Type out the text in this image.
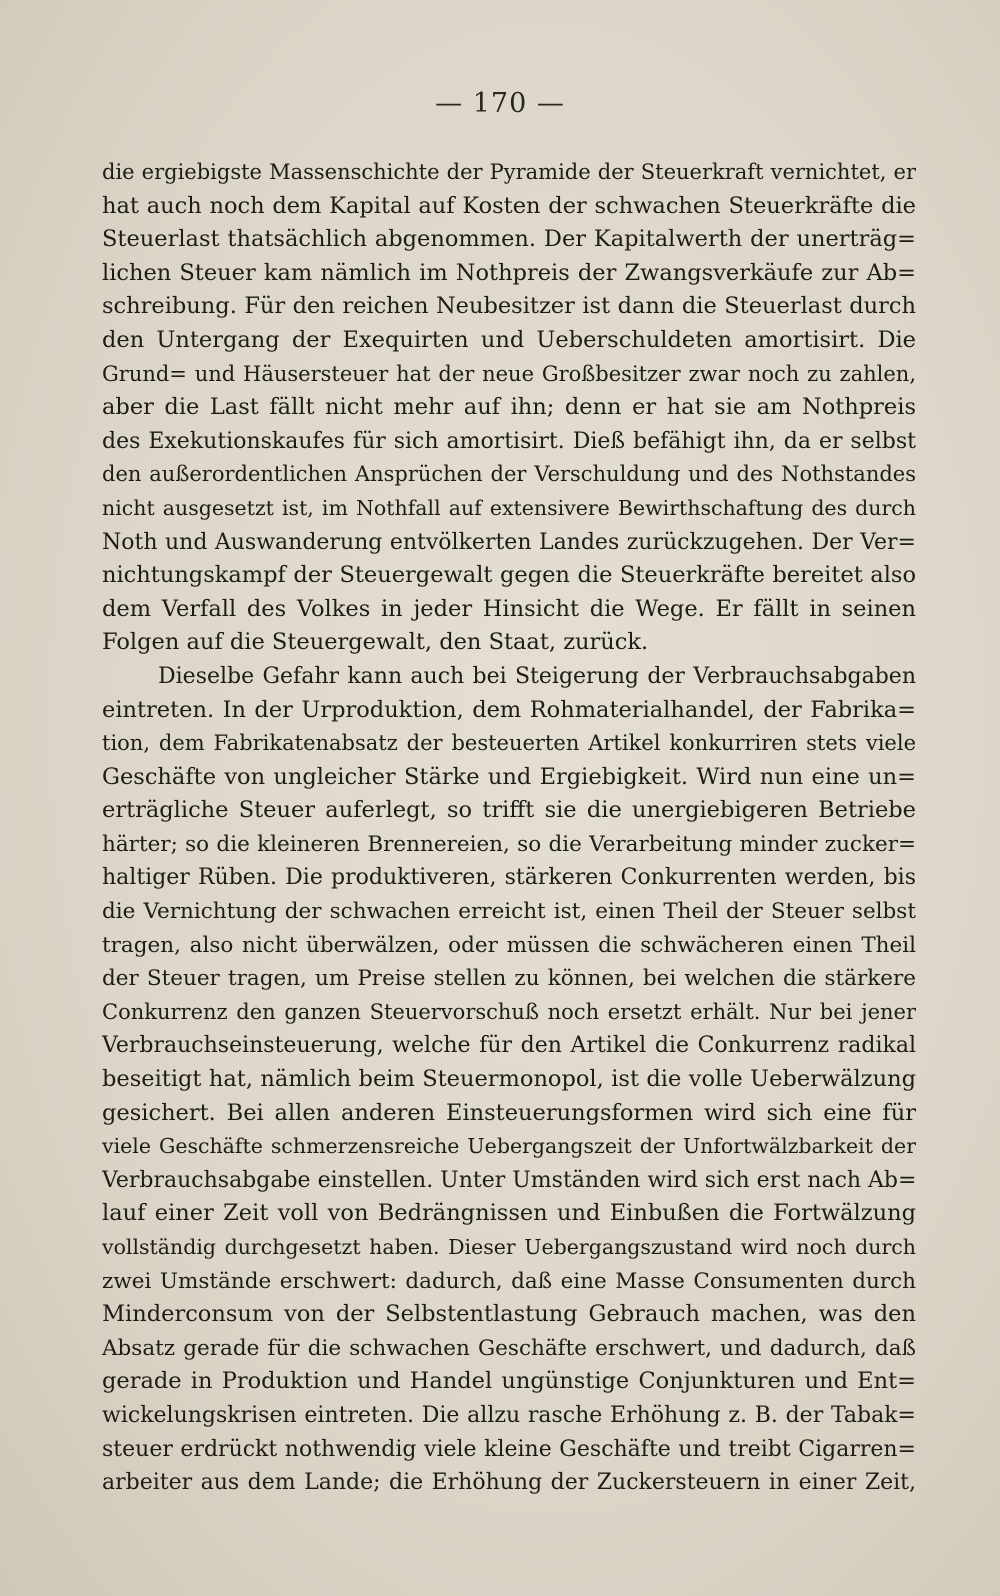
— 170 —
die ergiebigste Massenschichte der Pyramide der Steuerkraft vernichtet, er
hat auch noch dem Kapital auf Kosten der schwachen Steuerkräfte die
Steuerlast thatsächlich abgenommen. Der Kapitalwerth der unerträg=
lichen Steuer kam nämlich im Nothpreis der Zwangsverkäufe zur Ab=
schreibung. Für den reichen Neubesitzer ist dann die Steuerlast durch
den Untergang der Exequirten und Ueberschuldeten amortisirt. Die
Grund= und Häusersteuer hat der neue Großbesitzer zwar noch zu zahlen,
aber die Last fällt nicht mehr auf ihn; denn er hat sie am Nothpreis
des Exekutionskaufes für sich amortisirt. Dieß befähigt ihn, da er selbst
den außerordentlichen Ansprüchen der Verschuldung und des Nothstandes
nicht ausgesetzt ist, im Nothfall auf extensivere Bewirthschaftung des durch
Noth und Auswanderung entvölkerten Landes zurückzugehen. Der Ver=
nichtungskampf der Steuergewalt gegen die Steuerkräfte bereitet also
dem Verfall des Volkes in jeder Hinsicht die Wege. Er fällt in seinen
Folgen auf die Steuergewalt, den Staat, zurück.
Dieselbe Gefahr kann auch bei Steigerung der Verbrauchsabgaben
eintreten. In der Urproduktion, dem Rohmaterialhandel, der Fabrika=
tion, dem Fabrikatenabsatz der besteuerten Artikel konkurriren stets viele
Geschäfte von ungleicher Stärke und Ergiebigkeit. Wird nun eine un=
erträgliche Steuer auferlegt, so trifft sie die unergiebigeren Betriebe
härter; so die kleineren Brennereien, so die Verarbeitung minder zucker=
haltiger Rüben. Die produktiveren, stärkeren Conkurrenten werden, bis
die Vernichtung der schwachen erreicht ist, einen Theil der Steuer selbst
tragen, also nicht überwälzen, oder müssen die schwächeren einen Theil
der Steuer tragen, um Preise stellen zu können, bei welchen die stärkere
Conkurrenz den ganzen Steuervorschuß noch ersetzt erhält. Nur bei jener
Verbrauchseinsteuerung, welche für den Artikel die Conkurrenz radikal
beseitigt hat, nämlich beim Steuermonopol, ist die volle Ueberwälzung
gesichert. Bei allen anderen Einsteuerungsformen wird sich eine für
viele Geschäfte schmerzensreiche Uebergangszeit der Unfortwälzbarkeit der
Verbrauchsabgabe einstellen. Unter Umständen wird sich erst nach Ab=
lauf einer Zeit voll von Bedrängnissen und Einbußen die Fortwälzung
vollständig durchgesetzt haben. Dieser Uebergangszustand wird noch durch
zwei Umstände erschwert: dadurch, daß eine Masse Consumenten durch
Minderconsum von der Selbstentlastung Gebrauch machen, was den
Absatz gerade für die schwachen Geschäfte erschwert, und dadurch, daß
gerade in Produktion und Handel ungünstige Conjunkturen und Ent=
wickelungskrisen eintreten. Die allzu rasche Erhöhung z. B. der Tabak=
steuer erdrückt nothwendig viele kleine Geschäfte und treibt Cigarren=
arbeiter aus dem Lande; die Erhöhung der Zuckersteuern in einer Zeit,
